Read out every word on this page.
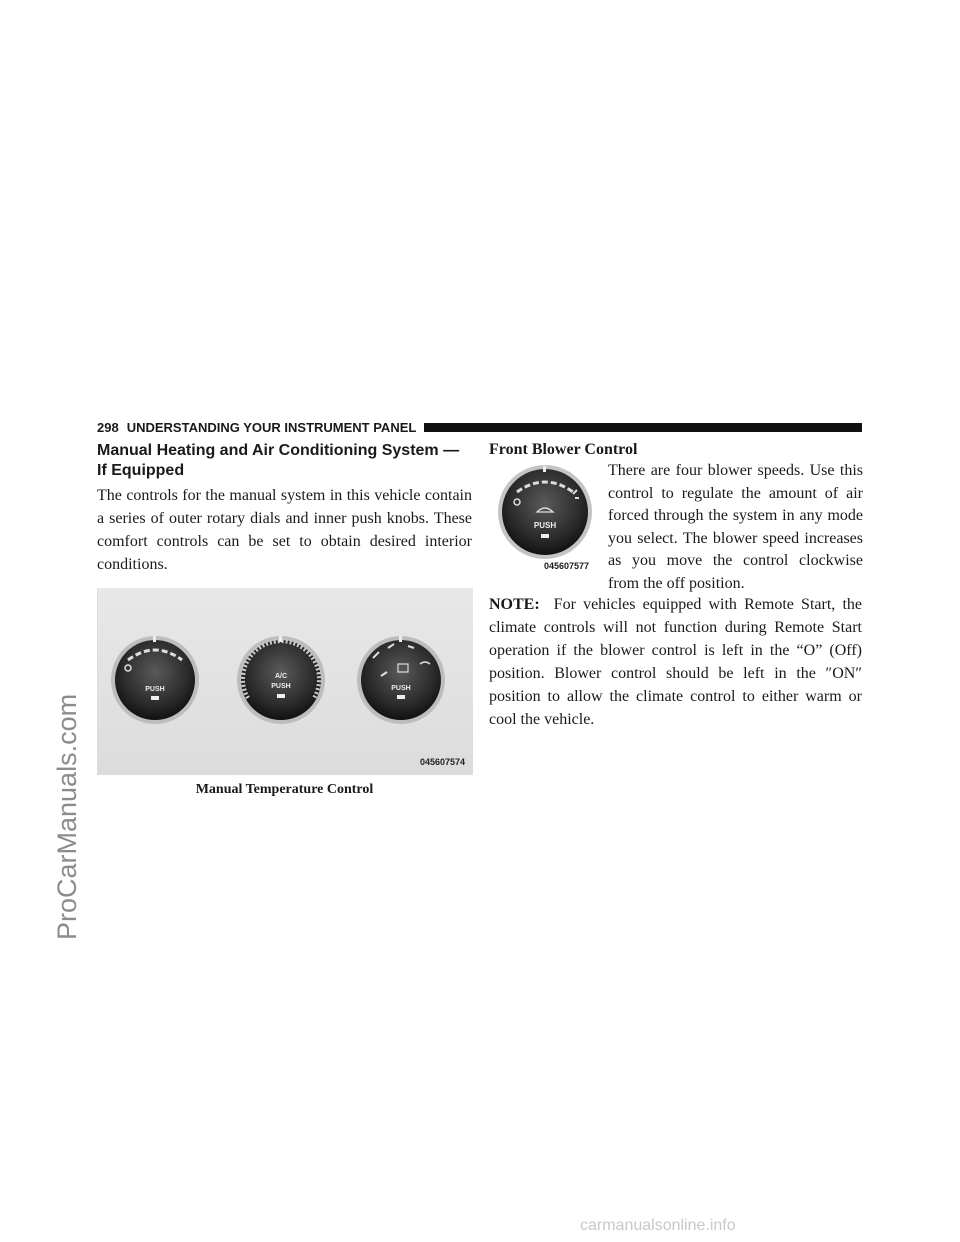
ProCarManuals.com
298 UNDERSTANDING YOUR INSTRUMENT PANEL
Manual Heating and Air Conditioning System — If Equipped
The controls for the manual system in this vehicle contain a series of outer rotary dials and inner push knobs. These comfort controls can be set to obtain desired interior conditions.
PUSH
A/C
PUSH	PUSH
045607574
Manual Temperature Control
Front Blower Control
PUSH
045607577
There are four blower speeds. Use this control to regulate the amount of air forced through the system in any mode you select. The blower speed increases as you move the control clockwise from the off position.
NOTE: For vehicles equipped with Remote Start, the climate controls will not function during Remote Start operation if the blower control is left in the “O” (Off) position. Blower control should be left in the ″ON″ position to allow the climate control to either warm or cool the vehicle.
carmanualsonline.info
